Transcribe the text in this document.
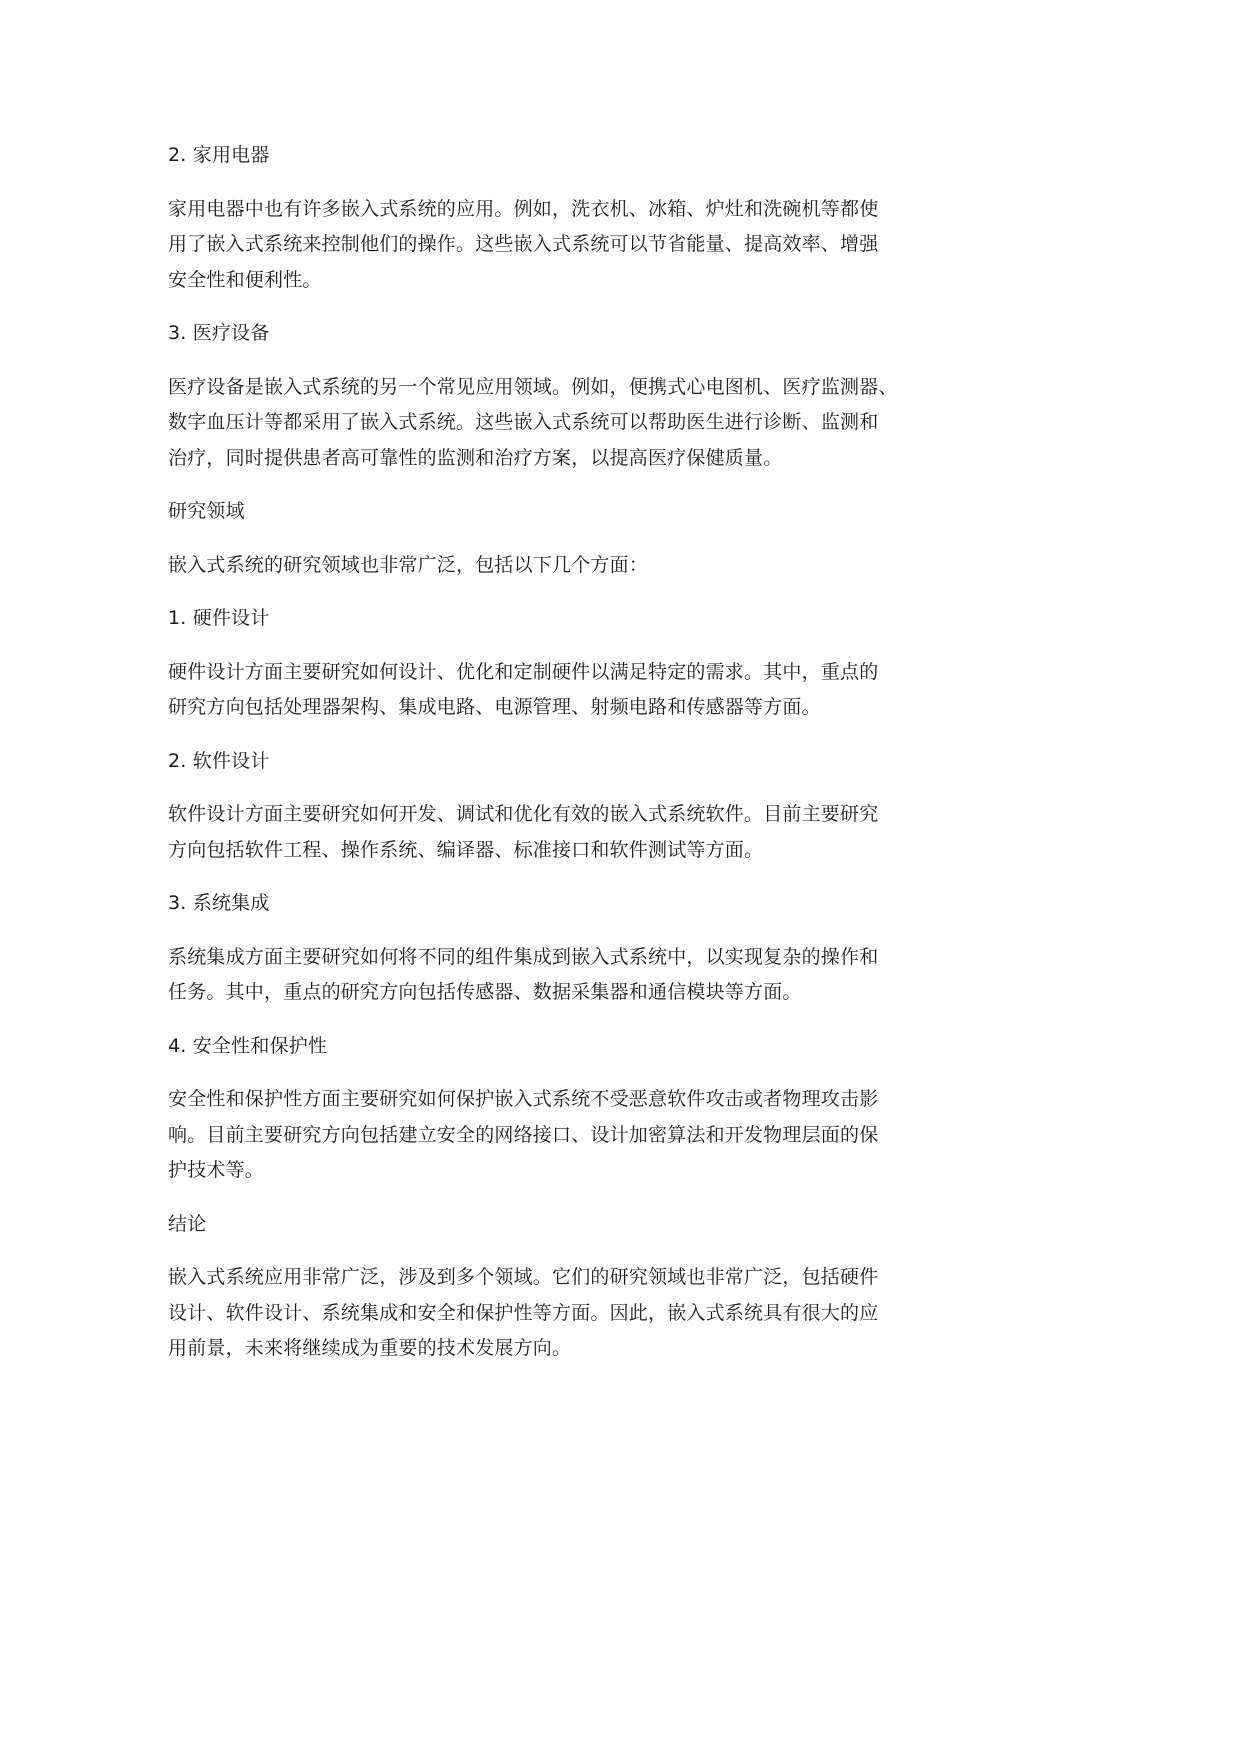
2. 家用电器

家用电器中也有许多嵌入式系统的应用。例如，洗衣机、冰箱、炉灶和洗碗机等都使
用了嵌入式系统来控制他们的操作。这些嵌入式系统可以节省能量、提高效率、增强
安全性和便利性。

3. 医疗设备

医疗设备是嵌入式系统的另一个常见应用领域。例如，便携式心电图机、医疗监测器、
数字血压计等都采用了嵌入式系统。这些嵌入式系统可以帮助医生进行诊断、监测和
治疗，同时提供患者高可靠性的监测和治疗方案，以提高医疗保健质量。

研究领域

嵌入式系统的研究领域也非常广泛，包括以下几个方面：

1. 硬件设计

硬件设计方面主要研究如何设计、优化和定制硬件以满足特定的需求。其中，重点的
研究方向包括处理器架构、集成电路、电源管理、射频电路和传感器等方面。

2. 软件设计

软件设计方面主要研究如何开发、调试和优化有效的嵌入式系统软件。目前主要研究
方向包括软件工程、操作系统、编译器、标准接口和软件测试等方面。

3. 系统集成

系统集成方面主要研究如何将不同的组件集成到嵌入式系统中，以实现复杂的操作和
任务。其中，重点的研究方向包括传感器、数据采集器和通信模块等方面。

4. 安全性和保护性

安全性和保护性方面主要研究如何保护嵌入式系统不受恶意软件攻击或者物理攻击影
响。目前主要研究方向包括建立安全的网络接口、设计加密算法和开发物理层面的保
护技术等。

结论

嵌入式系统应用非常广泛，涉及到多个领域。它们的研究领域也非常广泛，包括硬件
设计、软件设计、系统集成和安全和保护性等方面。因此，嵌入式系统具有很大的应
用前景，未来将继续成为重要的技术发展方向。
